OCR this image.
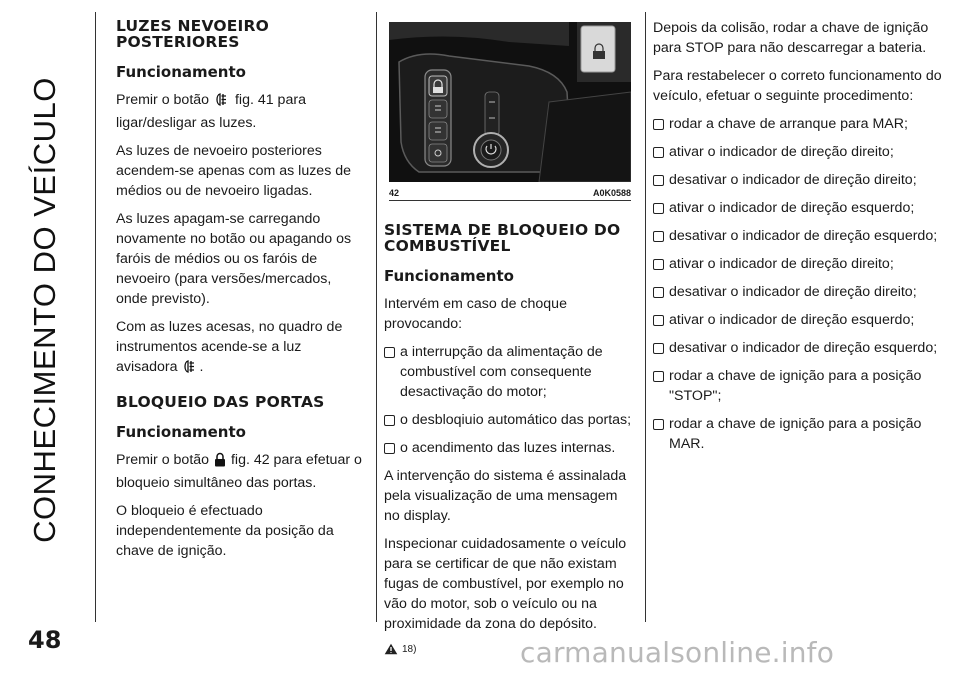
CONHECIMENTO DO VEÍCULO
48	carmanualsonline.info
LUZES NEVOEIRO POSTERIORES
Funcionamento

Premir o botão fig. 41 para ligar/desligar as luzes.

As luzes de nevoeiro posteriores acendem-se apenas com as luzes de médios ou de nevoeiro ligadas.

As luzes apagam-se carregando novamente no botão ou apagando os faróis de médios ou os faróis de nevoeiro (para versões/mercados, onde previsto).

Com as luzes acesas, no quadro de instrumentos acende-se a luz avisadora .

BLOQUEIO DAS PORTAS
Funcionamento

Premir o botão fig. 42 para efetuar o bloqueio simultâneo das portas.

O bloqueio é efectuado independentemente da posição da chave de ignição.

42	A0K0588
SISTEMA DE BLOQUEIO DO COMBUSTÍVEL
Funcionamento

Intervém em caso de choque provocando:

a interrupção da alimentação de combustível com consequente desactivação do motor;

o desbloqiuio automático das portas;

o acendimento das luzes internas.

A intervenção do sistema é assinalada pela visualização de uma mensagem no display.

Inspecionar cuidadosamente o veículo para se certificar de que não existam fugas de combustível, por exemplo no vão do motor, sob o veículo ou na proximidade da zona do depósito.

18)

Depois da colisão, rodar a chave de ignição para STOP para não descarregar a bateria.

Para restabelecer o correto funcionamento do veículo, efetuar o seguinte procedimento:

rodar a chave de arranque para MAR;

ativar o indicador de direção direito;

desativar o indicador de direção direito;

ativar o indicador de direção esquerdo;

desativar o indicador de direção esquerdo;

ativar o indicador de direção direito;

desativar o indicador de direção direito;

ativar o indicador de direção esquerdo;

desativar o indicador de direção esquerdo;

rodar a chave de ignição para a posição "STOP";

rodar a chave de ignição para a posição MAR.
